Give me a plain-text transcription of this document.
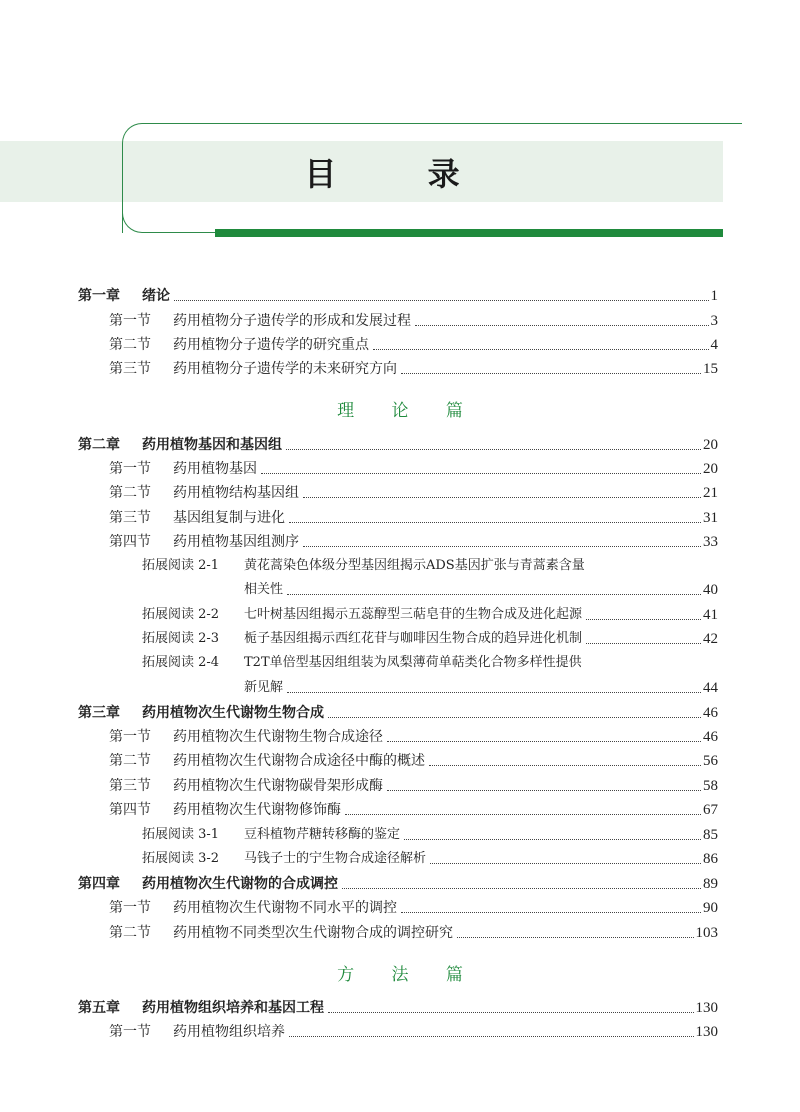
目 录
第一章 绪论	1
第一节 药用植物分子遗传学的形成和发展过程	3
第二节 药用植物分子遗传学的研究重点	4
第三节 药用植物分子遗传学的未来研究方向	15
理 论 篇
第二章 药用植物基因和基因组	20
第一节 药用植物基因	20
第二节 药用植物结构基因组	21
第三节 基因组复制与进化	31
第四节 药用植物基因组测序	33
拓展阅读 2-1 黄花蒿染色体级分型基因组揭示ADS基因扩张与青蒿素含量
相关性	40
拓展阅读 2-2 七叶树基因组揭示五蕊醇型三萜皂苷的生物合成及进化起源	41
拓展阅读 2-3 栀子基因组揭示西红花苷与咖啡因生物合成的趋异进化机制	42
拓展阅读 2-4 T2T单倍型基因组组装为凤梨薄荷单萜类化合物多样性提供
新见解	44
第三章 药用植物次生代谢物生物合成	46
第一节 药用植物次生代谢物生物合成途径	46
第二节 药用植物次生代谢物合成途径中酶的概述	56
第三节 药用植物次生代谢物碳骨架形成酶	58
第四节 药用植物次生代谢物修饰酶	67
拓展阅读 3-1 豆科植物芹糖转移酶的鉴定	85
拓展阅读 3-2 马钱子士的宁生物合成途径解析	86
第四章 药用植物次生代谢物的合成调控	89
第一节 药用植物次生代谢物不同水平的调控	90
第二节 药用植物不同类型次生代谢物合成的调控研究	103
方 法 篇
第五章 药用植物组织培养和基因工程	130
第一节 药用植物组织培养	130
